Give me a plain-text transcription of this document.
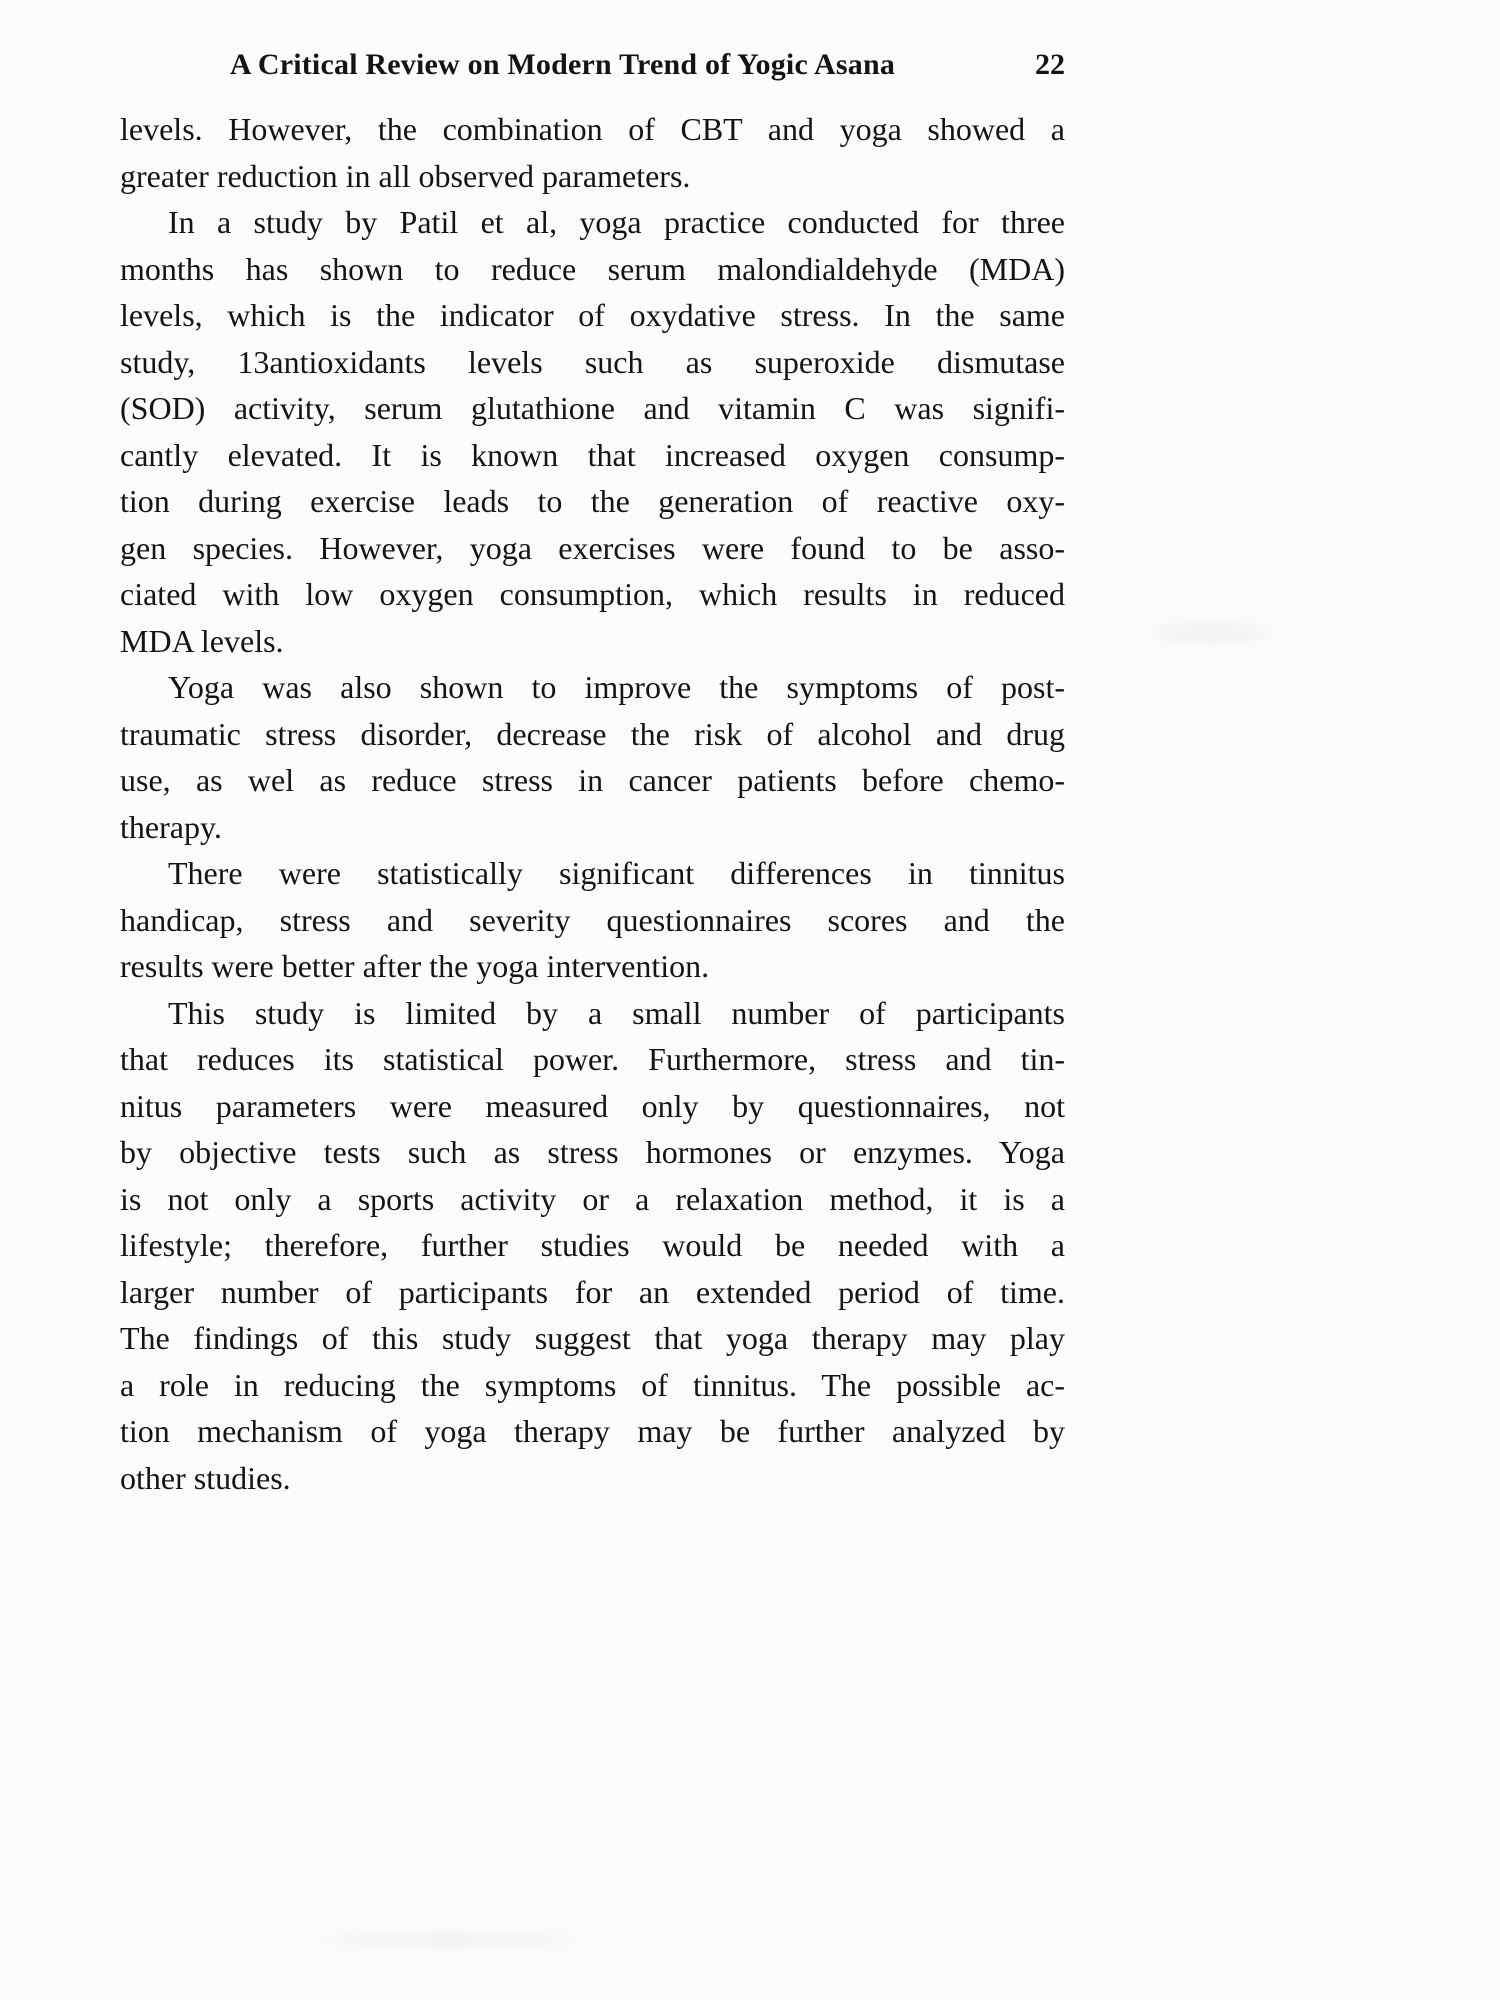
A Critical Review on Modern Trend of Yogic Asana	22
levels. However, the combination of CBT and yoga showed a
greater reduction in all observed parameters.
In a study by Patil et al, yoga practice conducted for three
months has shown to reduce serum malondialdehyde (MDA)
levels, which is the indicator of oxydative stress. In the same
study, 13antioxidants levels such as superoxide dismutase
(SOD) activity, serum glutathione and vitamin C was signifi-
cantly elevated. It is known that increased oxygen consump-
tion during exercise leads to the generation of reactive oxy-
gen species. However, yoga exercises were found to be asso-
ciated with low oxygen consumption, which results in reduced
MDA levels.
Yoga was also shown to improve the symptoms of post-
traumatic stress disorder, decrease the risk of alcohol and drug
use, as wel as reduce stress in cancer patients before chemo-
therapy.
There were statistically significant differences in tinnitus
handicap, stress and severity questionnaires scores and the
results were better after the yoga intervention.
This study is limited by a small number of participants
that reduces its statistical power. Furthermore, stress and tin-
nitus parameters were measured only by questionnaires, not
by objective tests such as stress hormones or enzymes. Yoga
is not only a sports activity or a relaxation method, it is a
lifestyle; therefore, further studies would be needed with a
larger number of participants for an extended period of time.
The findings of this study suggest that yoga therapy may play
a role in reducing the symptoms of tinnitus. The possible ac-
tion mechanism of yoga therapy may be further analyzed by
other studies.
